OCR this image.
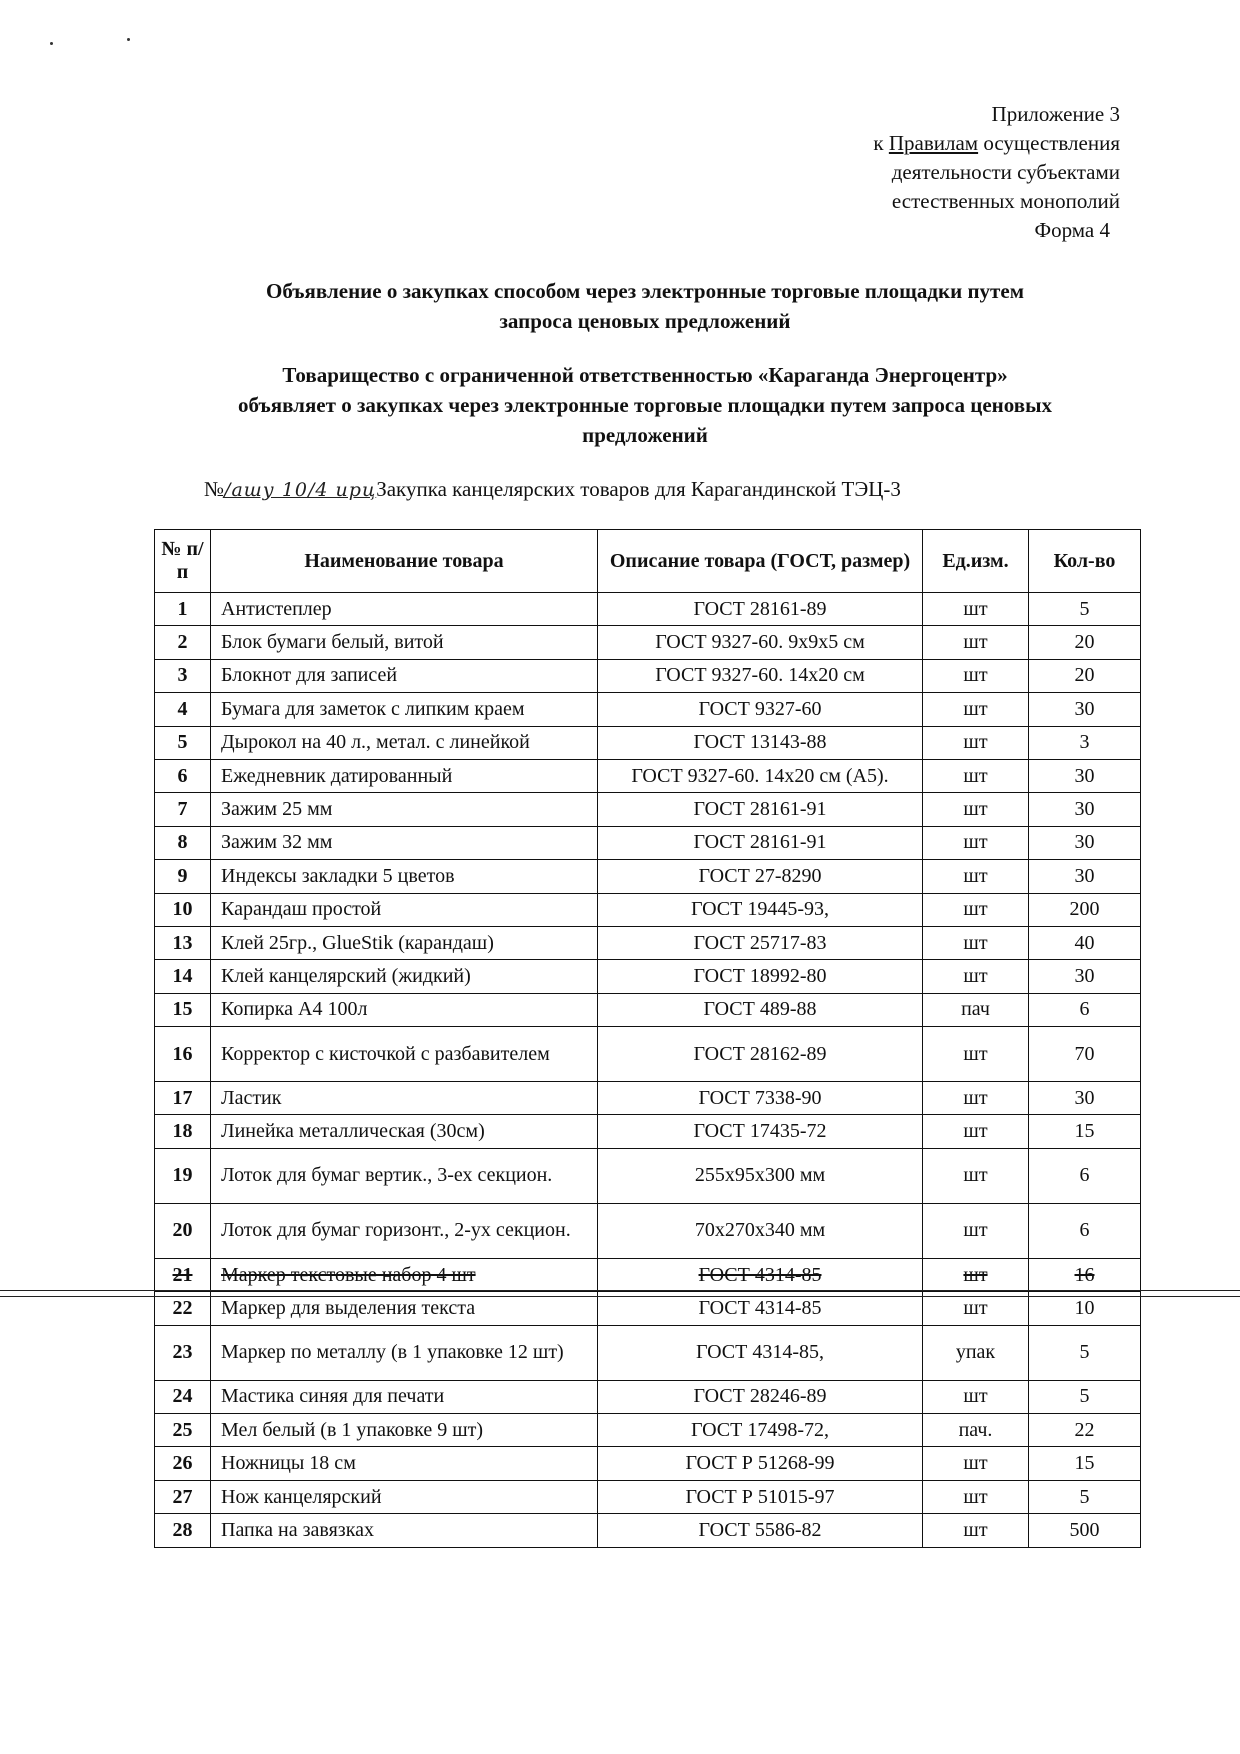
Приложение 3
к Правилам осуществления
деятельности субъектами
естественных монополий
Форма 4
Объявление о закупках способом через электронные торговые площадки путем
запроса ценовых предложений
Товарищество с ограниченной ответственностью «Караганда Энергоцентр»
объявляет о закупках через электронные торговые площадки путем запроса ценовых
предложений
№/ашу 10/4 ирцЗакупка канцелярских товаров для Карагандинской ТЭЦ-3
№ п/п	Наименование товара	Описание товара (ГОСТ, размер)	Ед.изм.	Кол-во
1	Антистеплер	ГОСТ 28161-89	шт	5
2	Блок бумаги белый, витой	ГОСТ 9327-60. 9х9х5 см	шт	20
3	Блокнот для записей	ГОСТ 9327-60. 14х20 см	шт	20
4	Бумага для заметок с липким краем	ГОСТ 9327-60	шт	30
5	Дырокол на 40 л., метал. с линейкой	ГОСТ 13143-88	шт	3
6	Ежедневник датированный	ГОСТ 9327-60. 14х20 см (А5).	шт	30
7	Зажим 25 мм	ГОСТ 28161-91	шт	30
8	Зажим 32 мм	ГОСТ 28161-91	шт	30
9	Индексы закладки 5 цветов	ГОСТ 27-8290	шт	30
10	Карандаш простой	ГОСТ 19445-93,	шт	200
13	Клей 25гр., GlueStik (карандаш)	ГОСТ 25717-83	шт	40
14	Клей канцелярский (жидкий)	ГОСТ 18992-80	шт	30
15	Копирка А4 100л	ГОСТ 489-88	пач	6
16	Корректор с кисточкой с разбавителем	ГОСТ 28162-89	шт	70
17	Ластик	ГОСТ 7338-90	шт	30
18	Линейка металлическая (30см)	ГОСТ 17435-72	шт	15
19	Лоток для бумаг вертик., 3-ех секцион.	255х95х300 мм	шт	6
20	Лоток для бумаг горизонт., 2-ух секцион.	70х270х340 мм	шт	6
21	Маркер текстовые набор 4 шт	ГОСТ 4314-85	шт	16
22	Маркер для выделения текста	ГОСТ 4314-85	шт	10
23	Маркер по металлу (в 1 упаковке 12 шт)	ГОСТ 4314-85,	упак	5
24	Мастика синяя для печати	ГОСТ 28246-89	шт	5
25	Мел белый (в 1 упаковке 9 шт)	ГОСТ 17498-72,	пач.	22
26	Ножницы 18 см	ГОСТ Р 51268-99	шт	15
27	Нож канцелярский	ГОСТ Р 51015-97	шт	5
28	Папка на завязках	ГОСТ 5586-82	шт	500
